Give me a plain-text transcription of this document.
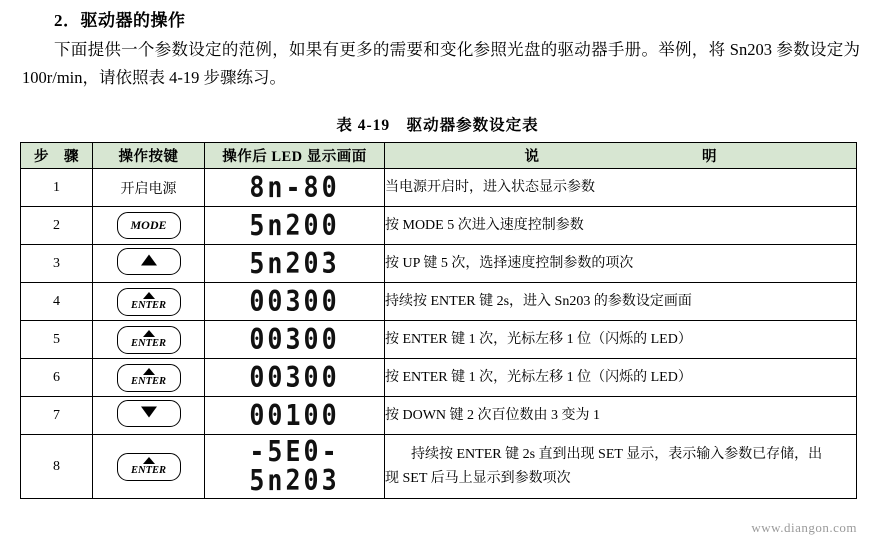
2．驱动器的操作
下面提供一个参数设定的范例，如果有更多的需要和变化参照光盘的驱动器手册。举例，将 Sn203 参数设定为 100r/min，请依照表 4-19 步骤练习。
表 4-19　驱动器参数设定表
步　骤	操作按键	操作后 LED 显示画面	说 明

1	开启电源	8n-80	当电源开启时，进入状态显示参数
2	MODE	5n200	按 MODE 5 次进入速度控制参数
3		5n203	按 UP 键 5 次，选择速度控制参数的项次
4	ENTER	00300	持续按 ENTER 键 2s，进入 Sn203 的参数设定画面
5	ENTER	00300	按 ENTER 键 1 次，光标左移 1 位（闪烁的 LED）
6	ENTER	00300	按 ENTER 键 1 次，光标左移 1 位（闪烁的 LED）
7		00100	按 DOWN 键 2 次百位数由 3 变为 1
8	ENTER	-5E0-
5n203	持续按 ENTER 键 2s 直到出现 SET 显示，表示输入参数已存储，出现 SET 后马上显示到参数项次
www.diangon.com
